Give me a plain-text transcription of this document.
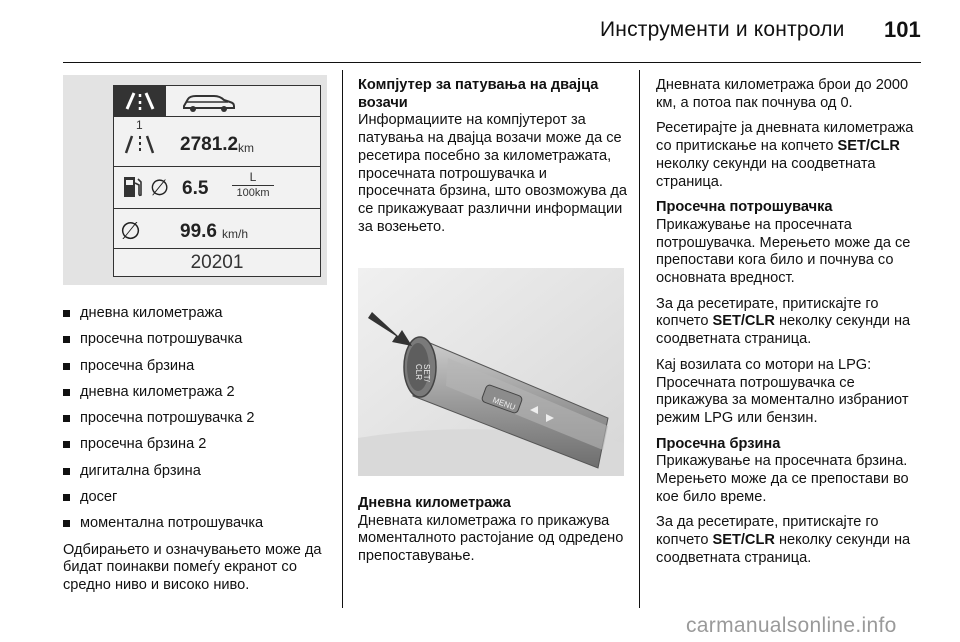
Инструменти и контроли 101
1
2781.2 km
∅ 6.5
L
100km
∅ 99.6 km/h
20201
дневна километража
просечна потрошувачка
просечна брзина
дневна километража 2
просечна потрошувачка 2
просечна брзина 2
дигитална брзина
досег
моментална потрошувачка

Одбирањето и означувањето може да бидат поинакви помеѓу екранот со средно ниво и високо ниво.

Компјутер за патувања на двајца возачи

Информациите на компјутерот за патувања на двајца возачи може да се ресетира посебно за километражата, просечната потрошувачка и просечната брзина, што овозможува да се прикажуваат различни информации за возењето.

SET/
CLR
MENU
Дневна километража

Дневната километража го прикажува моменталното растојание од одредено препоставување.

Дневната километража брои до 2000 км, а потоа пак почнува од 0.

Ресетирајте ја дневната километража со притискање на копчето SET/CLR неколку секунди на соодветната страница.

Просечна потрошувачка

Прикажување на просечната потрошувачка. Мерењето може да се препостави кога било и почнува со основната вредност.

За да ресетирате, притискајте го копчето SET/CLR неколку секунди на соодветната страница.

Кај возилата со мотори на LPG: Просечната потрошувачка се прикажува за моментално избраниот режим LPG или бензин.

Просечна брзина

Прикажување на просечната брзина. Мерењето може да се препостави во кое било време.

За да ресетирате, притискајте го копчето SET/CLR неколку секунди на соодветната страница.

carmanualsonline.info
